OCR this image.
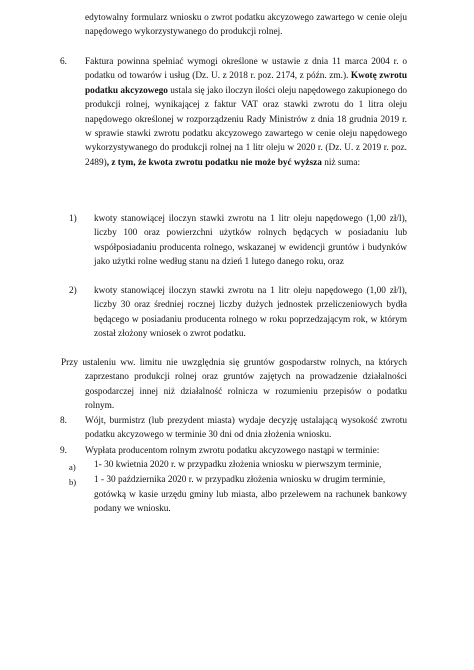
edytowalny formularz wniosku o zwrot podatku akcyzowego zawartego w cenie oleju napędowego wykorzystywanego do produkcji rolnej.
6. Faktura powinna spełniać wymogi określone w ustawie z dnia 11 marca 2004 r. o podatku od towarów i usług (Dz. U. z 2018 r. poz. 2174, z późn. zm.). Kwotę zwrotu podatku akcyzowego ustala się jako iloczyn ilości oleju napędowego zakupionego do produkcji rolnej, wynikającej z faktur VAT oraz stawki zwrotu do 1 litra oleju napędowego określonej w rozporządzeniu Rady Ministrów z dnia 18 grudnia 2019 r. w sprawie stawki zwrotu podatku akcyzowego zawartego w cenie oleju napędowego wykorzystywanego do produkcji rolnej na 1 litr oleju w 2020 r. (Dz. U. z 2019 r. poz. 2489), z tym, że kwota zwrotu podatku nie może być wyższa niż suma:
1) kwoty stanowiącej iloczyn stawki zwrotu na 1 litr oleju napędowego (1,00 zł/l), liczby 100 oraz powierzchni użytków rolnych będących w posiadaniu lub współposiadaniu producenta rolnego, wskazanej w ewidencji gruntów i budynków jako użytki rolne według stanu na dzień 1 lutego danego roku, oraz
2) kwoty stanowiącej iloczyn stawki zwrotu na 1 litr oleju napędowego (1,00 zł/l), liczby 30 oraz średniej rocznej liczby dużych jednostek przeliczeniowych bydła będącego w posiadaniu producenta rolnego w roku poprzedzającym rok, w którym został złożony wniosek o zwrot podatku.
Przy ustaleniu ww. limitu nie uwzględnia się gruntów gospodarstw rolnych, na których zaprzestano produkcji rolnej oraz gruntów zajętych na prowadzenie działalności gospodarczej innej niż działalność rolnicza w rozumieniu przepisów o podatku rolnym.
8. Wójt, burmistrz (lub prezydent miasta) wydaje decyzję ustalającą wysokość zwrotu podatku akcyzowego w terminie 30 dni od dnia złożenia wniosku.
9. Wypłata producentom rolnym zwrotu podatku akcyzowego nastąpi w terminie:
a) 1- 30 kwietnia 2020 r. w przypadku złożenia wniosku w pierwszym terminie,
b) 1 - 30 października 2020 r. w przypadku złożenia wniosku w drugim terminie,
gotówką w kasie urzędu gminy lub miasta, albo przelewem na rachunek bankowy podany we wniosku.
